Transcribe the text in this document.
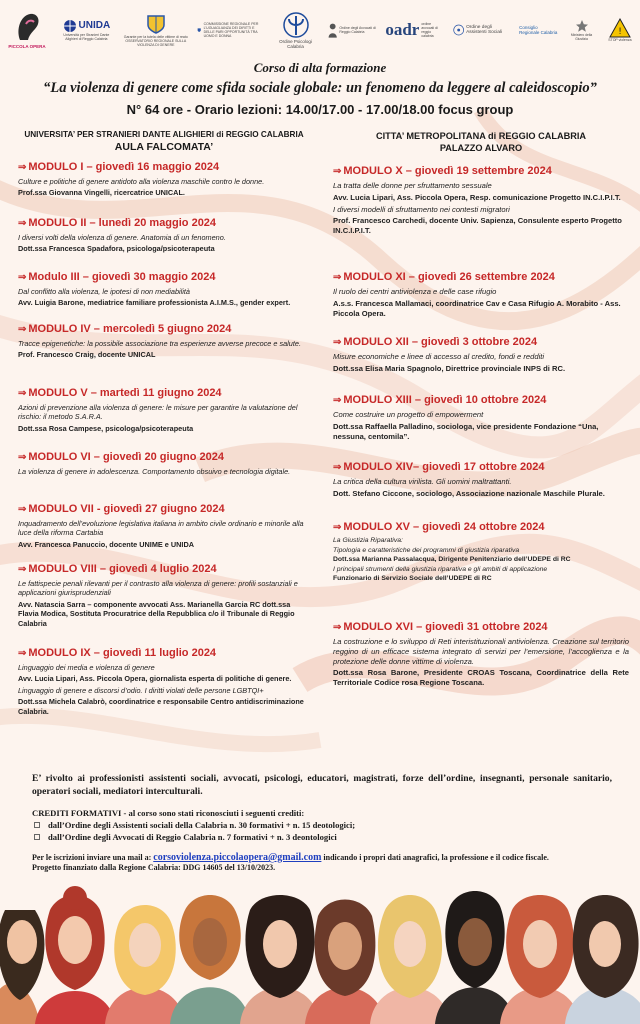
PICCOLA OPERA
UNIDA
Università per Stranieri Dante Alighieri di Reggio Calabria
Garante per la tutela delle vittime di reato
OSSERVATORIO REGIONALE SULLA VIOLENZA DI GENERE
COMMISSIONE REGIONALE PER L'UGUAGLIANZA DEI DIRITTI E DELLE PARI OPPORTUNITÀ TRA UOMO E DONNA
Ordine Psicologi Calabria
Ordine degli Avvocati di Reggio Calabria	oadr ordine avvocati di reggio calabria
Ordine degli Assistenti Sociali
Consiglio Regionale Calabria	Ministero della Giustizia
!
STOP violenza
Corso di alta formazione
“La violenza di genere come sfida sociale globale: un fenomeno da leggere al caleidoscopio”
N° 64 ore - Orario lezioni: 14.00/17.00 - 17.00/18.00 focus group
UNIVERSITA’ PER STRANIERI DANTE ALIGHIERI di REGGIO CALABRIA
AULA FALCOMATA’
⇒ MODULO I – giovedì 16 maggio 2024
Culture e politiche di genere antidoto alla violenza maschile contro le donne.
Prof.ssa Giovanna Vingelli, ricercatrice UNICAL.
⇒ MODULO II – lunedì 20 maggio 2024
I diversi volti della violenza di genere. Anatomia di un fenomeno.
Dott.ssa Francesca Spadafora, psicologa/psicoterapeuta
⇒ Modulo III – giovedì 30 maggio 2024
Dal conflitto alla violenza, le ipotesi di non mediabilità
Avv. Luigia Barone, mediatrice familiare professionista A.I.M.S., gender expert.
⇒ MODULO IV – mercoledì 5 giugno 2024
Tracce epigenetiche: la possibile associazione tra esperienze avverse precoce e salute.
Prof. Francesco Craig, docente UNICAL
⇒ MODULO V – martedì 11 giugno 2024
Azioni di prevenzione alla violenza di genere: le misure per garantire la valutazione del rischio: il metodo S.A.R.A.
Dott.ssa Rosa Campese, psicologa/psicoterapeuta
⇒ MODULO VI – giovedì 20 giugno 2024
La violenza di genere in adolescenza. Comportamento obsuivo e tecnologia digitale.
⇒ MODULO VII - giovedì 27 giugno 2024
Inquadramento dell’evoluzione legislativa italiana in ambito civile ordinario e minorile alla luce della riforma Cartabia
Avv. Francesca Panuccio, docente UNIME e UNIDA
⇒ MODULO VIII – giovedì 4 luglio 2024
Le fattispecie penali rilevanti per il contrasto alla violenza di genere: profili sostanziali e applicazioni giurisprudenziali
Avv. Natascia Sarra – componente avvocati Ass. Marianella Garcia RC dott.ssa Flavia Modica, Sostituta Procuratrice della Repubblica c/o il Tribunale di Reggio Calabria
⇒ MODULO IX – giovedì 11 luglio 2024
Linguaggio dei media e violenza di genere
Avv. Lucia Lipari, Ass. Piccola Opera, giornalista esperta di politiche di genere.
Linguaggio di genere e discorsi d’odio. I diritti violati delle persone LGBTQI+
Dott.ssa Michela Calabrò, coordinatrice e responsabile Centro antidiscriminazione Calabria.
CITTA’ METROPOLITANA di REGGIO CALABRIA
PALAZZO ALVARO
⇒ MODULO X – giovedì 19 settembre 2024
La tratta delle donne per sfruttamento sessuale
Avv. Lucia Lipari, Ass. Piccola Opera, Resp. comunicazione Progetto IN.C.I.P.I.T.
I diversi modelli di sfruttamento nei contesti migratori
Prof. Francesco Carchedi, docente Univ. Sapienza, Consulente esperto Progetto IN.C.I.P.I.T.
⇒ MODULO XI – giovedì 26 settembre 2024
Il ruolo dei centri antiviolenza e delle case rifugio
A.s.s. Francesca Mallamaci, coordinatrice Cav e Casa Rifugio A. Morabito - Ass. Piccola Opera.
⇒ MODULO XII – giovedì 3 ottobre 2024
Misure economiche e linee di accesso al credito, fondi e redditi
Dott.ssa Elisa Maria Spagnolo, Direttrice provinciale INPS di RC.
⇒ MODULO XIII – giovedì 10 ottobre 2024
Come costruire un progetto di empowerment
Dott.ssa Raffaella Palladino, sociologa, vice presidente Fondazione “Una, nessuna, centomila”.
⇒ MODULO XIV– giovedì 17 ottobre 2024
La critica della cultura virilista. Gli uomini maltrattanti.
Dott. Stefano Ciccone, sociologo, Associazione nazionale Maschile Plurale.
⇒ MODULO XV – giovedì 24 ottobre 2024
La Giustizia Riparativa:
Tipologia e caratteristiche dei programmi di giustizia riparativa
Dott.ssa Marianna Passalacqua, Dirigente Penitenziario dell’UDEPE di RC
I principali strumenti della giustizia riparativa e gli ambiti di applicazione
Funzionario di Servizio Sociale dell’UDEPE di RC
⇒ MODULO XVI – giovedì 31 ottobre 2024
La costruzione e lo sviluppo di Reti interistituzionali antiviolenza. Creazione sul territorio reggino di un efficace sistema integrato di servizi per l’emersione, l’accoglienza e la protezione delle donne vittime di violenza.
Dott.ssa Rosa Barone, Presidente CROAS Toscana, Coordinatrice della Rete Territoriale Codice rosa Regione Toscana.
E’ rivolto ai professionisti assistenti sociali, avvocati, psicologi, educatori, magistrati, forze dell’ordine, insegnanti, personale sanitario, operatori sociali, mediatori interculturali.
CREDITI FORMATIVI - al corso sono stati riconosciuti i seguenti crediti:
dall’Ordine degli Assistenti sociali della Calabria n. 30 formativi + n. 15 deotologici;
dall’Ordine degli Avvocati di Reggio Calabria n. 7 formativi + n. 3 deontologici
Per le iscrizioni inviare una mail a: corsoviolenza.piccolaopera@gmail.com indicando i propri dati anagrafici, la professione e il codice fiscale.
Progetto finanziato dalla Regione Calabria: DDG 14605 del 13/10/2023.
